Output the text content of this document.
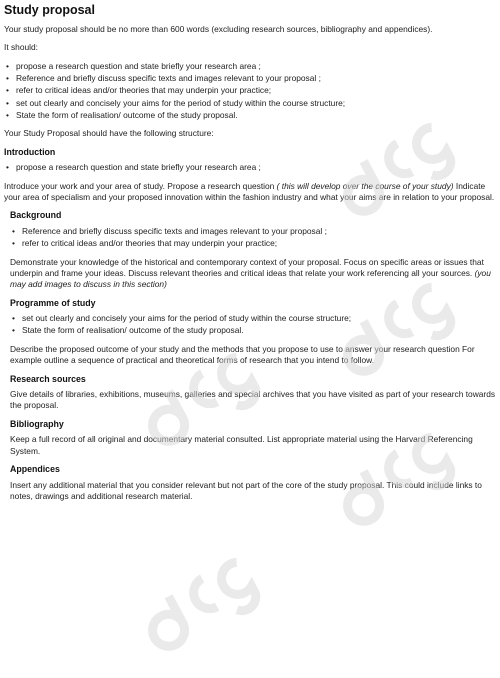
Study proposal

Your study proposal should be no more than 600 words (excluding research sources, bibliography and appendices).

It should:

• propose a research question and state briefly your research area ;
• Reference and briefly discuss specific texts and images relevant to your proposal ;
• refer to critical ideas and/or theories that may underpin your practice;
• set out clearly and concisely your aims for the period of study within the course structure;
• State the form of realisation/ outcome of the study proposal.

Your Study Proposal should have the following structure:

Introduction
• propose a research question and state briefly your research area ;

Introduce your work and your area of study. Propose a research question ( this will develop over the course of your study) Indicate your area of specialism and your proposed innovation within the fashion industry and what your aims are in relation to your proposal.

Background
• Reference and briefly discuss specific texts and images relevant to your proposal ;
• refer to critical ideas and/or theories that may underpin your practice;

Demonstrate your knowledge of the historical and contemporary context of your proposal. Focus on specific areas or issues that underpin and frame your ideas. Discuss relevant theories and critical ideas that relate your work referencing all your sources. (you may add images to discuss in this section)

Programme of study
• set out clearly and concisely your aims for the period of study within the course structure;
• State the form of realisation/ outcome of the study proposal.

Describe the proposed outcome of your study and the methods that you propose to use to answer your research question For example outline a sequence of practical and theoretical forms of research that you intend to follow.

Research sources

Give details of libraries, exhibitions, museums, galleries and special archives that you have visited as part of your research towards the proposal.

Bibliography

Keep a full record of all original and documentary material consulted. List appropriate material using the Harvard Referencing System.

Appendices

Insert any additional material that you consider relevant but not part of the core of the study proposal. This could include links to notes, drawings and additional research material.
